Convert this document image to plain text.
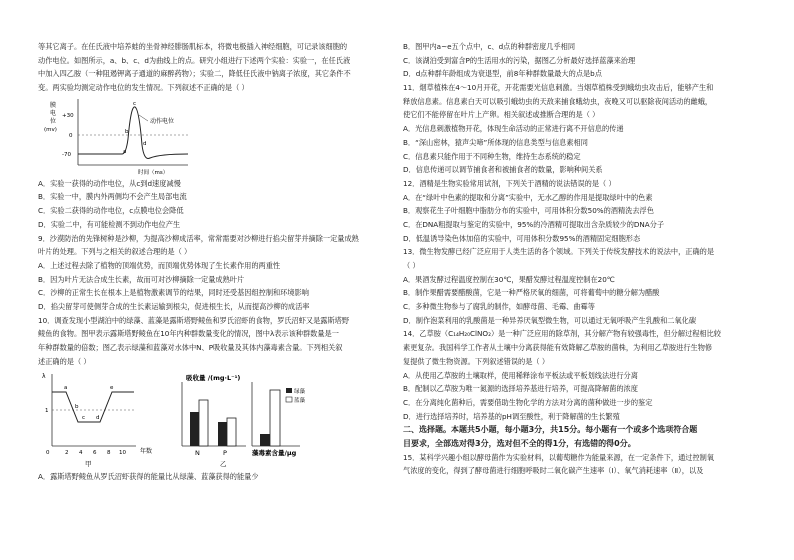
等其它离子。在任氏液中培养蛙的坐骨神经腓肠肌标本，将微电极插入神经细胞，可记录该细胞的
动作电位。如图所示，a、b、c、d为曲线上的点。研究小组进行下述两个实验：实验一，在任氏液
中加入四乙胺（一种阻遏钾离子通道的麻醉药物）；实验二，降低任氏液中钠离子浓度，其它条件不
变。两实验均测定动作电位的发生情况。下列叙述不正确的是（ ）
膜
电
位
(mv)
+30
0
-70	a
b
c
d
动作电位
时间（ms）
A．实验一获得的动作电位，从c到d速度减慢
B．实验一中，膜内外两侧均不会产生局部电流
C．实验二获得的动作电位，c点膜电位会降低
D．实验二中，有可能检测不到动作电位产生
9．沙漠防治的先锋树种是沙柳，为提高沙柳成活率，常常需要对沙柳进行掐尖留芽并摘除一定量成熟
叶片的处理。下列与之相关的叙述合理的是（ ）
A．上述过程去除了植物的顶端优势，而顶端优势体现了生长素作用的两重性
B．因为叶片无法合成生长素，故而可对沙柳摘除一定量成熟叶片
C．沙柳的正常生长在根本上是植物激素调节的结果，同时还受基因组控制和环境影响
D．掐尖留芽可使侧芽合成的生长素运输到根尖，促进根生长，从而提高沙柳的成活率
10．调查发现小型湖泊中的绿藻、蓝藻是露斯塔野鲮鱼和罗氏沼虾的食物，罗氏沼虾又是露斯塔野
鲮鱼的食物。图甲表示露斯塔野鲮鱼在10年内种群数量变化的情况，图中λ表示该种群数量是一
年种群数量的倍数；图乙表示绿藻和蓝藻对水体中N、P吸收量及其体内藻毒素含量。下列相关叙
述正确的是（ ）
λ
1
0	2 4 6 8 10
a
b
c d
e
年数
甲
吸收量 /(mg·L⁻¹)
N	P
乙
绿藻
蓝藻
藻毒素含量/μg
A．露斯塔野鲮鱼从罗氏沼虾获得的能量比从绿藻、蓝藻获得的能量少
B．图甲内a~e五个点中，c、d点的种群密度几乎相同
C．该湖泊受到富含P的生活用水的污染，据图乙分析最好选择蓝藻来治理
D．d点种群年龄组成为衰退型，前8年种群数量最大的点是b点
11．烟草植株在4～10月开花，开花需要光信息刺激。当烟草植株受到蛾幼虫攻击后，能够产生和
释放信息素。信息素白天可以吸引蛾幼虫的天敌来捕食蛾幼虫，夜晚又可以驱除夜间活动的雌蛾，
使它们不能停留在叶片上产卵。相关叙述或推断合理的是（ ）
A．光信息刺激植物开花，体现生命活动的正常进行离不开信息的传递
B．“深山密林，猿声尖啼”所体现的信息类型与信息素相同
C．信息素只能作用于不同种生物，维持生态系统的稳定
D．信息传递可以调节捕食者和被捕食者的数量，影响种间关系
12．酒精是生物实验常用试剂，下列关于酒精的说法错误的是（ ）
A．在“绿叶中色素的提取和分离”实验中，无水乙醇的作用是提取绿叶中的色素
B．观察花生子叶细胞中脂肪分布的实验中，可用体积分数50%的酒精洗去浮色
C．在DNA粗提取与鉴定的实验中，95%的冷酒精可提取出含杂质较少的DNA分子
D．低温诱导染色体加倍的实验中，可用体积分数95%的酒精固定细胞形态
13．微生物发酵已经广泛应用于人类生活的各个领域。下列关于传统发酵技术的说法中，正确的是
（ ）
A．果酒发酵过程温度控制在30℃，果醋发酵过程温度控制在20℃
B．制作果醋需要醋酸菌，它是一种严格厌氧的细菌，可将葡萄中的糖分解为醋酸
C．多种微生物参与了腐乳的制作，如酵母菌、毛霉、曲霉等
D．制作泡菜利用的乳酸菌是一种异养厌氧型微生物，可以通过无氧呼吸产生乳酸和二氧化碳
14．乙草胺（C₁₄H₂₀ClNO₂）是一种广泛应用的除草剂，其分解产物有较强毒性，但分解过程相比较
素更复杂。我国科学工作者从土壤中分离获得能有效降解乙草胺的菌株，为利用乙草胺进行生物修
复提供了微生物资源。下列叙述错误的是（ ）
A．从使用乙草胺的土壤取样，使用稀释涂布平板法或平板划线法进行分离
B．配制以乙草胺为唯一氮源的选择培养基进行培养，可提高降解菌的浓度
C．在分离纯化菌种后，需要借助生物化学的方法对分离的菌种做进一步的鉴定
D．进行选择培养时，培养基的pH调至酸性，利于降解菌的生长繁殖
二、选择题。本题共5小题，每小题3分，共15分。每小题有一个或多个选项符合题
目要求，全部选对得3分，选对但不全的得1分，有选错的得0分。
15．某科学兴趣小组以酵母菌作为实验材料，以葡萄糖作为能量来源，在一定条件下，通过控制氧
气浓度的变化，得到了酵母菌进行细胞呼吸时二氧化碳产生速率（Ⅰ）、氧气消耗速率（Ⅱ），以及
